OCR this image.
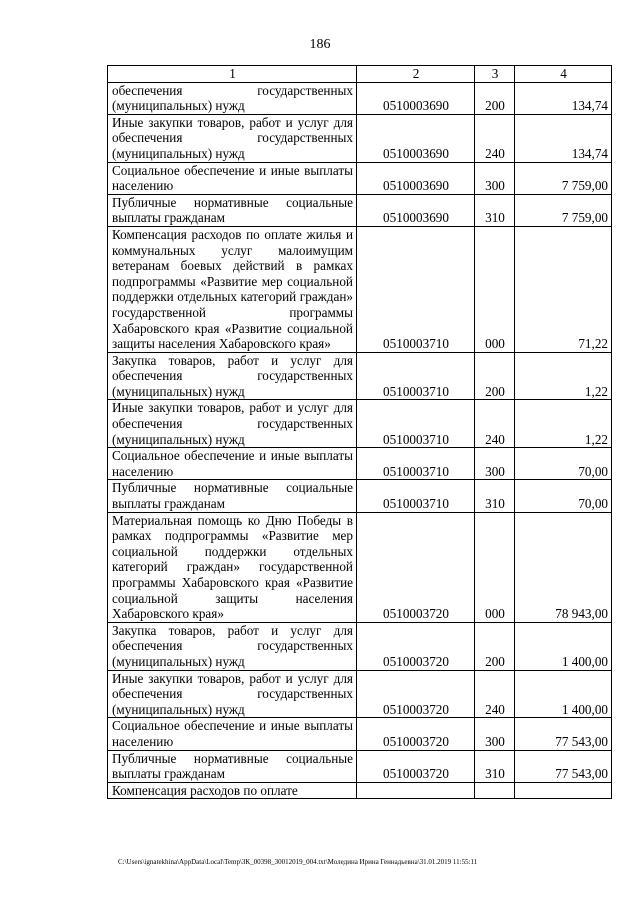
186
1	2	3	4
обеспечения государственных (муниципальных) нужд	0510003690	200	134,74
Иные закупки товаров, работ и услуг для обеспечения государственных (муниципальных) нужд	0510003690	240	134,74
Социальное обеспечение и иные выплаты населению	0510003690	300	7 759,00
Публичные нормативные социальные выплаты гражданам	0510003690	310	7 759,00
Компенсация расходов по оплате жилья и коммунальных услуг малоимущим ветеранам боевых действий в рамках подпрограммы «Развитие мер социальной поддержки отдельных категорий граждан» государственной программы Хабаровского края «Развитие социальной защиты населения Хабаровского края»	0510003710	000	71,22
Закупка товаров, работ и услуг для обеспечения государственных (муниципальных) нужд	0510003710	200	1,22
Иные закупки товаров, работ и услуг для обеспечения государственных (муниципальных) нужд	0510003710	240	1,22
Социальное обеспечение и иные выплаты населению	0510003710	300	70,00
Публичные нормативные социальные выплаты гражданам	0510003710	310	70,00
Материальная помощь ко Дню Победы в рамках подпрограммы «Развитие мер социальной поддержки отдельных категорий граждан» государственной программы Хабаровского края «Развитие социальной защиты населения Хабаровского края»	0510003720	000	78 943,00
Закупка товаров, работ и услуг для обеспечения государственных (муниципальных) нужд	0510003720	200	1 400,00
Иные закупки товаров, работ и услуг для обеспечения государственных (муниципальных) нужд	0510003720	240	1 400,00
Социальное обеспечение и иные выплаты населению	0510003720	300	77 543,00
Публичные нормативные социальные выплаты гражданам	0510003720	310	77 543,00
Компенсация расходов по оплате			
C:\Users\ignatekhina\AppData\Local\Temp\ЗК_00398_30012019_004.txt\Моледина Ирина Геннадьевна\31.01.2019 11:55:11
